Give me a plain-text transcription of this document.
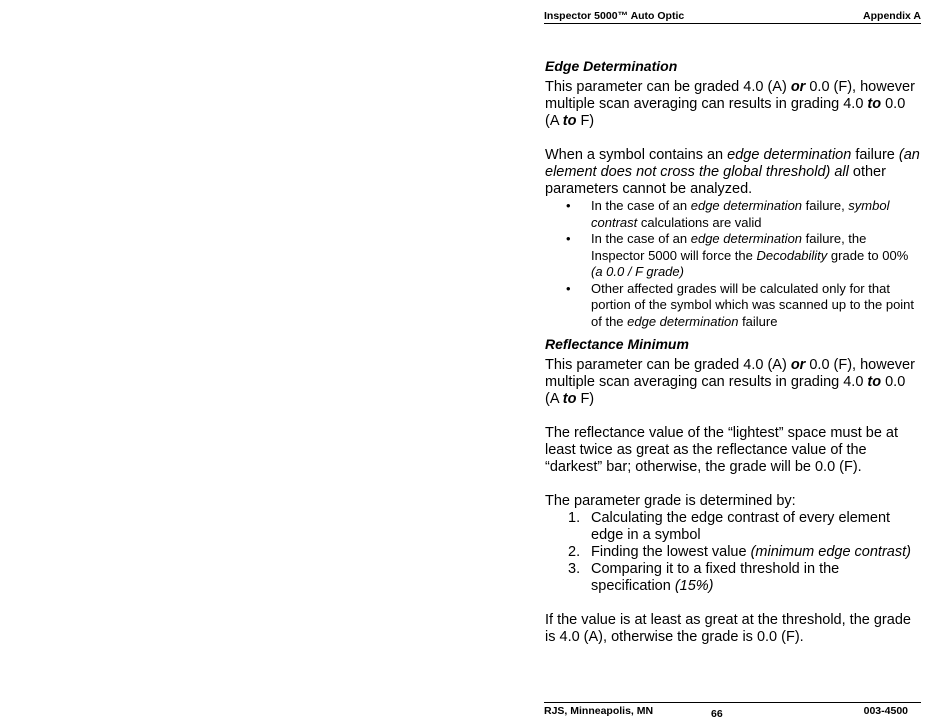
Inspector 5000™ Auto Optic	Appendix A
Edge Determination

This parameter can be graded 4.0 (A) or 0.0 (F), however multiple scan averaging can results in grading 4.0 to 0.0 (A to F)

When a symbol contains an edge determination failure (an element does not cross the global threshold) all other parameters cannot be analyzed.

• In the case of an edge determination failure, symbol contrast calculations are valid
• In the case of an edge determination failure, the Inspector 5000 will force the Decodability grade to 00% (a 0.0 / F grade)
• Other affected grades will be calculated only for that portion of the symbol which was scanned up to the point of the edge determination failure
Reflectance Minimum

This parameter can be graded 4.0 (A) or 0.0 (F), however multiple scan averaging can results in grading 4.0 to 0.0 (A to F)

The reflectance value of the “lightest” space must be at least twice as great as the reflectance value of the “darkest” bar; otherwise, the grade will be 0.0 (F).

The parameter grade is determined by:

1. Calculating the edge contrast of every element edge in a symbol
2. Finding the lowest value (minimum edge contrast)
3. Comparing it to a fixed threshold in the specification (15%)

If the value is at least as great at the threshold, the grade is 4.0 (A), otherwise the grade is 0.0 (F).

RJS, Minneapolis, MN	66	003-4500
